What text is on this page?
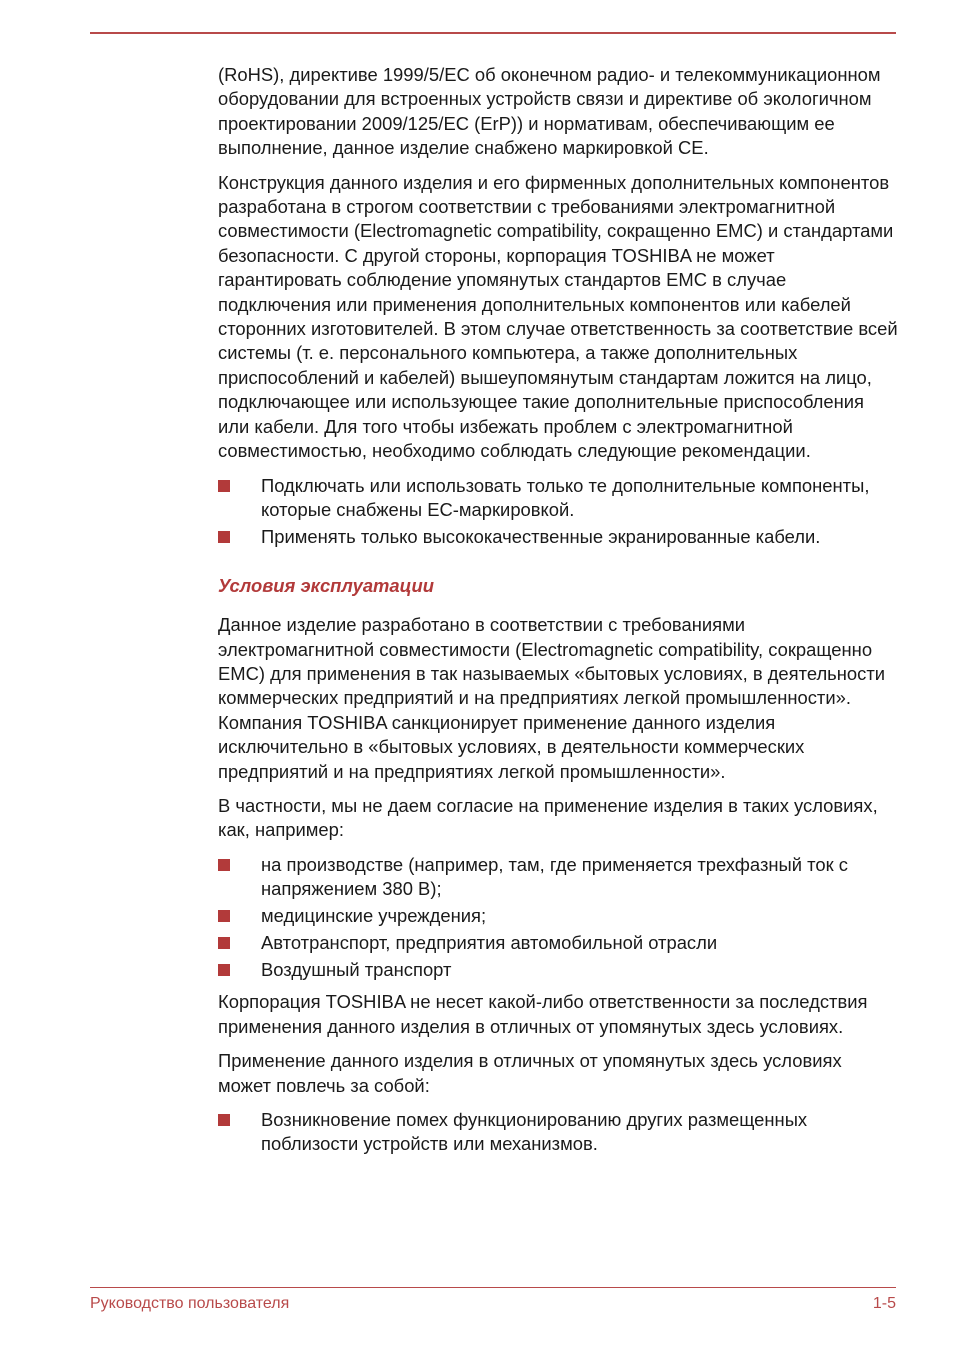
(RoHS), директиве 1999/5/EC об оконечном радио- и телекоммуникационном оборудовании для встроенных устройств связи и директиве об экологичном проектировании 2009/125/EC (ErP)) и нормативам, обеспечивающим ее выполнение, данное изделие снабжено маркировкой CE.

Конструкция данного изделия и его фирменных дополнительных компонентов разработана в строгом соответствии с требованиями электромагнитной совместимости (Electromagnetic compatibility, сокращенно EMC) и стандартами безопасности. С другой стороны, корпорация TOSHIBA не может гарантировать соблюдение упомянутых стандартов EMC в случае подключения или применения дополнительных компонентов или кабелей сторонних изготовителей. В этом случае ответственность за соответствие всей системы (т. е. персонального компьютера, а также дополнительных приспособлений и кабелей) вышеупомянутым стандартам ложится на лицо, подключающее или использующее такие дополнительные приспособления или кабели. Для того чтобы избежать проблем с электромагнитной совместимостью, необходимо соблюдать следующие рекомендации.

Подключать или использовать только те дополнительные компоненты, которые снабжены EC-маркировкой.
Применять только высококачественные экранированные кабели.
Условия эксплуатации

Данное изделие разработано в соответствии с требованиями электромагнитной совместимости (Electromagnetic compatibility, сокращенно EMC) для применения в так называемых «бытовых условиях, в деятельности коммерческих предприятий и на предприятиях легкой промышленности». Компания TOSHIBA санкционирует применение данного изделия исключительно в «бытовых условиях, в деятельности коммерческих предприятий и на предприятиях легкой промышленности».

В частности, мы не даем согласие на применение изделия в таких условиях, как, например:

на производстве (например, там, где применяется трехфазный ток с напряжением 380 В);
медицинские учреждения;
Автотранспорт, предприятия автомобильной отрасли
Воздушный транспорт

Корпорация TOSHIBA не несет какой-либо ответственности за последствия применения данного изделия в отличных от упомянутых здесь условиях.

Применение данного изделия в отличных от упомянутых здесь условиях может повлечь за собой:

Возникновение помех функционированию других размещенных поблизости устройств или механизмов.
Руководство пользователя	1-5
